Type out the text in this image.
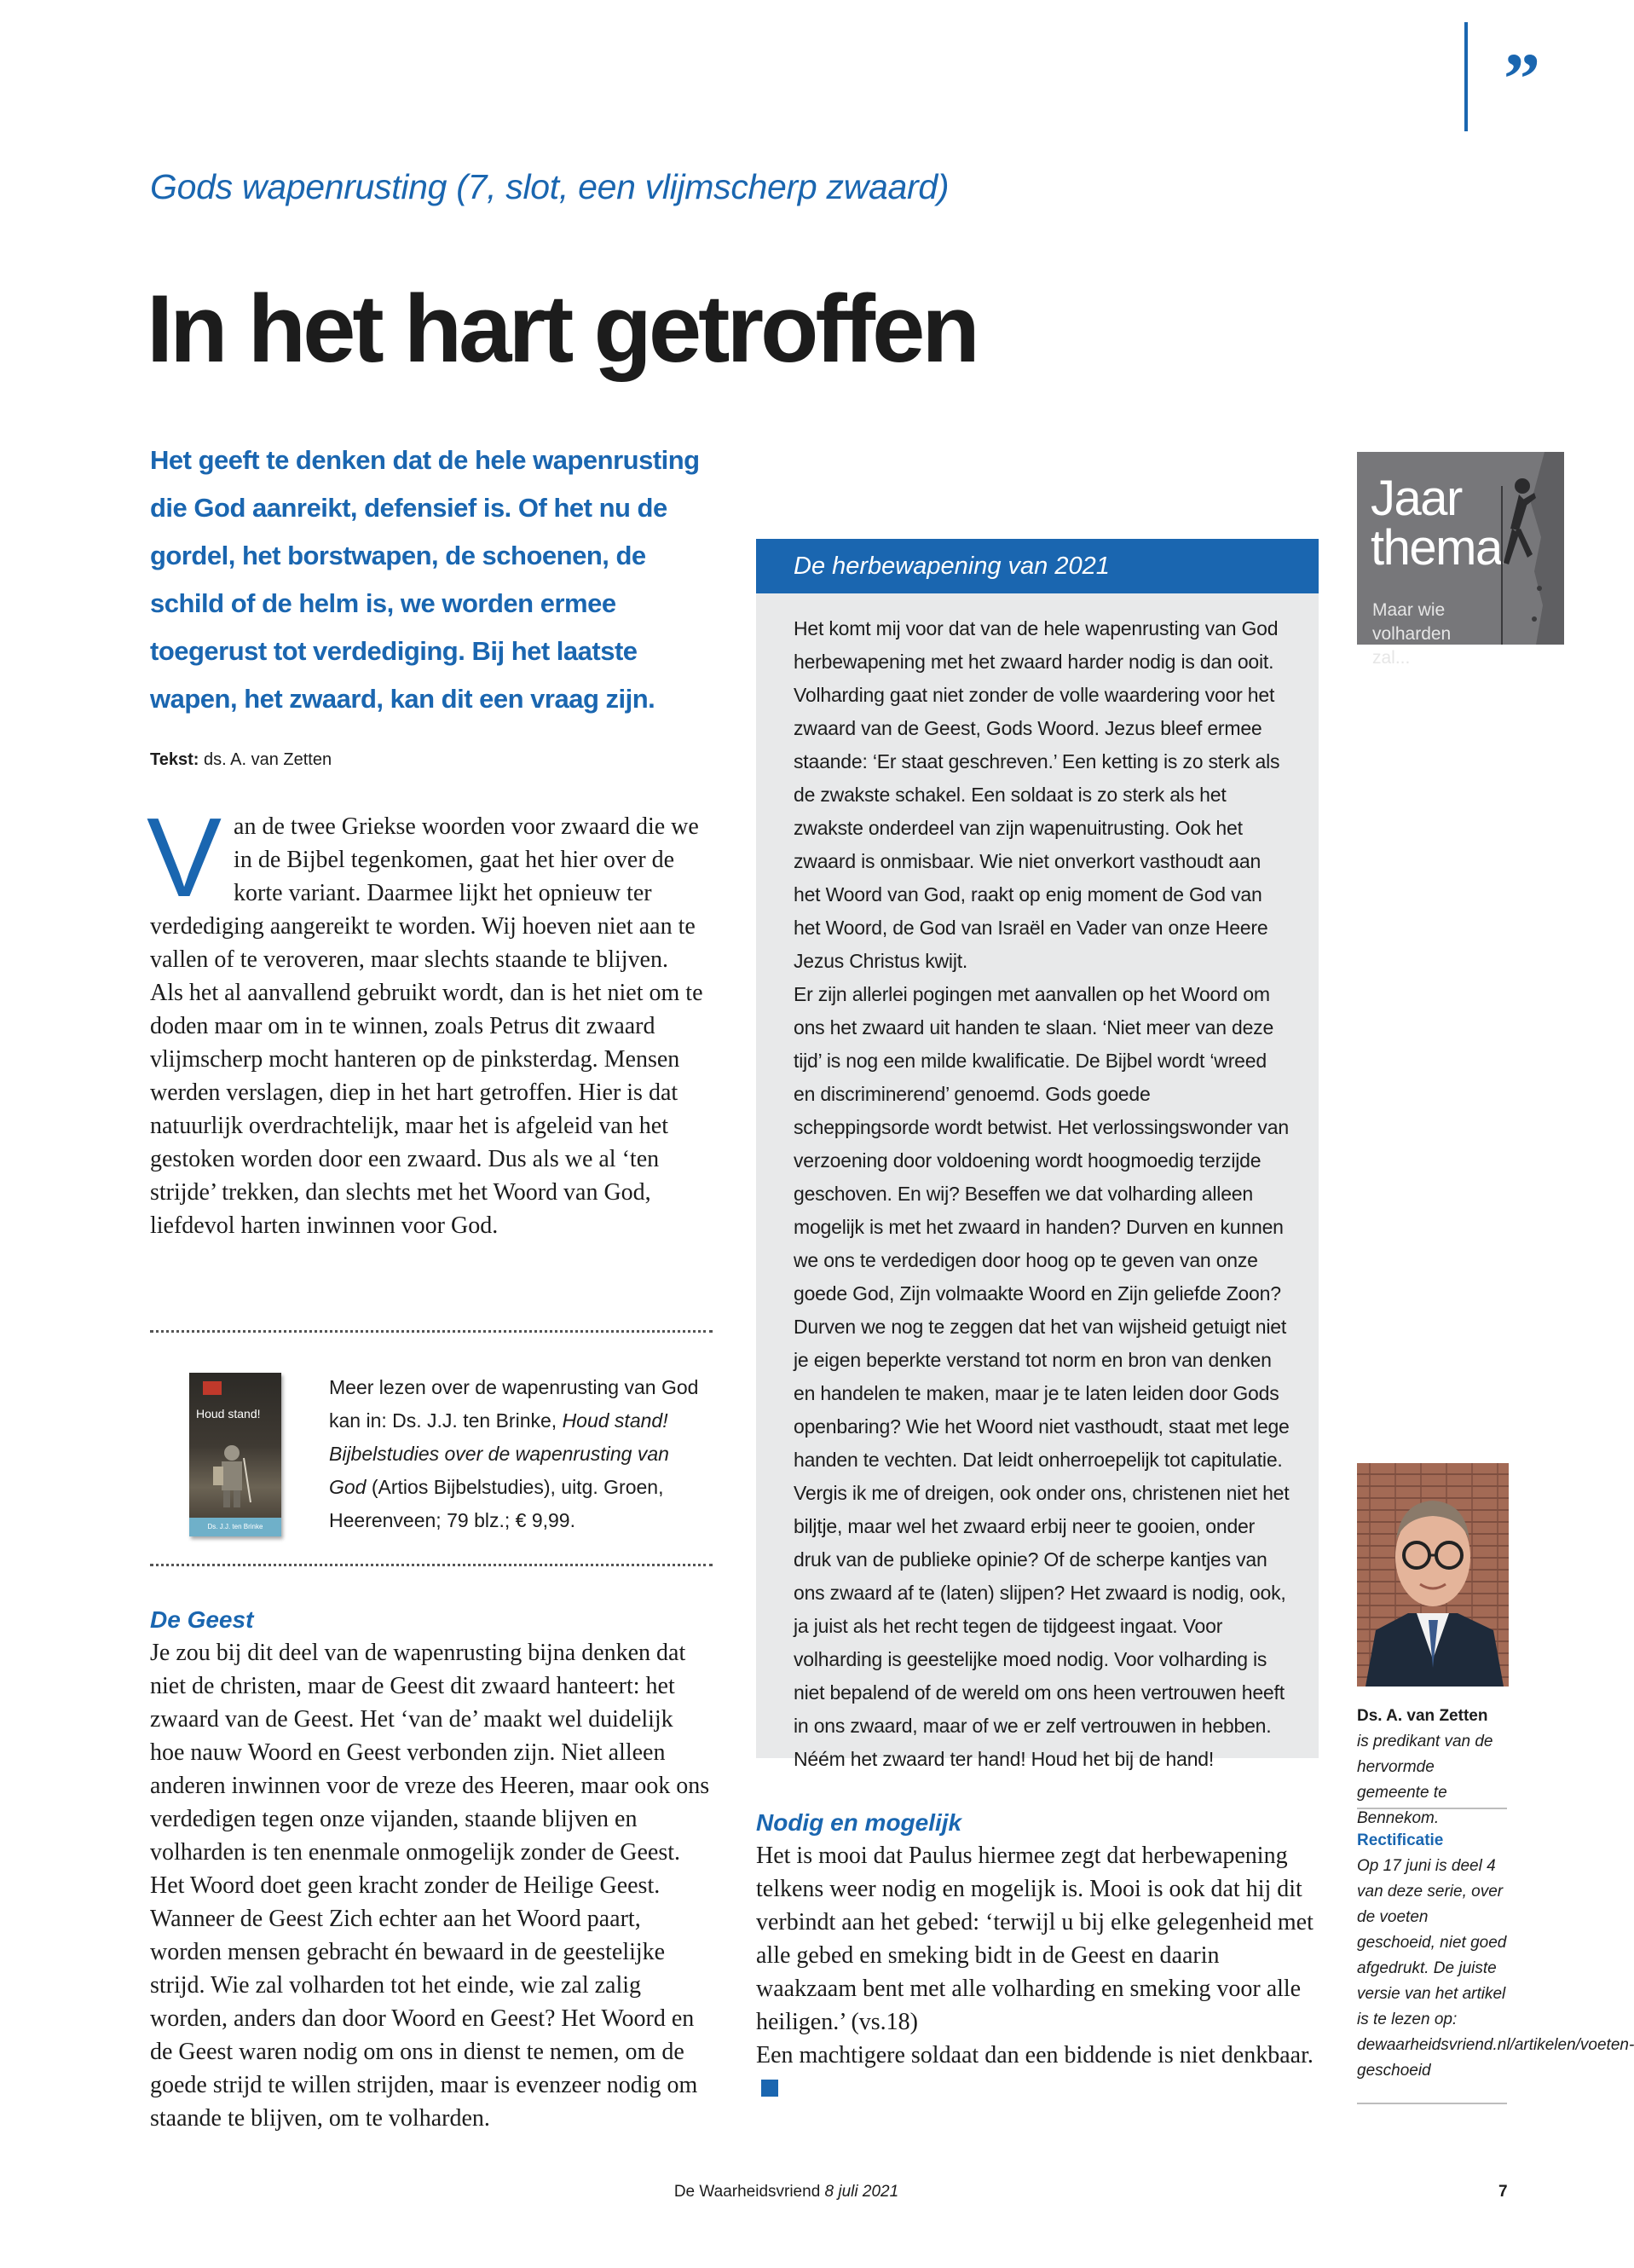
”
Gods wapenrusting (7, slot, een vlijmscherp zwaard)
In het hart getroffen
Het geeft te denken dat de hele wapenrusting die God aanreikt, defensief is. Of het nu de gordel, het borstwapen, de schoenen, de schild of de helm is, we worden ermee toegerust tot verdediging. Bij het laatste wapen, het zwaard, kan dit een vraag zijn.
Tekst: ds. A. van Zetten

Van de twee Griekse woorden voor zwaard die we in de Bijbel tegenkomen, gaat het hier over de korte variant. Daarmee lijkt het opnieuw ter verdediging aangereikt te worden. Wij hoeven niet aan te vallen of te veroveren, maar slechts staande te blijven.

Als het al aanvallend gebruikt wordt, dan is het niet om te doden maar om in te winnen, zoals Petrus dit zwaard vlijmscherp mocht hanteren op de pinksterdag. Mensen werden verslagen, diep in het hart getroffen. Hier is dat natuurlijk overdrachtelijk, maar het is afgeleid van het gestoken worden door een zwaard. Dus als we al ‘ten strijde’ trekken, dan slechts met het Woord van God, liefdevol harten inwinnen voor God.

Houd stand!
Ds. J.J. ten Brinke
Meer lezen over de wapenrusting van God kan in: Ds. J.J. ten Brinke, Houd stand! Bijbelstudies over de wapenrusting van God (Artios Bijbelstudies), uitg. Groen, Heerenveen; 79 blz.; € 9,99.
De Geest
Je zou bij dit deel van de wapenrusting bijna denken dat niet de christen, maar de Geest dit zwaard hanteert: het zwaard van de Geest. Het ‘van de’ maakt wel duidelijk hoe nauw Woord en Geest verbonden zijn. Niet alleen anderen inwinnen voor de vreze des Heeren, maar ook ons verdedigen tegen onze vijanden, staande blijven en volharden is ten enenmale onmogelijk zonder de Geest. Het Woord doet geen kracht zonder de Heilige Geest. Wanneer de Geest Zich echter aan het Woord paart, worden mensen gebracht én bewaard in de geestelijke strijd. Wie zal volharden tot het einde, wie zal zalig worden, anders dan door Woord en Geest? Het Woord en de Geest waren nodig om ons in dienst te nemen, om de goede strijd te willen strijden, maar is evenzeer nodig om staande te blijven, om te volharden.
De herbewapening van 2021
Het komt mij voor dat van de hele wapenrusting van God herbewapening met het zwaard harder nodig is dan ooit. Volharding gaat niet zonder de volle waardering voor het zwaard van de Geest, Gods Woord. Jezus bleef ermee staande: ‘Er staat geschreven.’ Een ketting is zo sterk als de zwakste schakel. Een soldaat is zo sterk als het zwakste onderdeel van zijn wapenuitrusting. Ook het zwaard is onmisbaar. Wie niet onverkort vasthoudt aan het Woord van God, raakt op enig moment de God van het Woord, de God van Israël en Vader van onze Heere Jezus Christus kwijt.
Er zijn allerlei pogingen met aanvallen op het Woord om ons het zwaard uit handen te slaan. ‘Niet meer van deze tijd’ is nog een milde kwalificatie. De Bijbel wordt ‘wreed en discriminerend’ genoemd. Gods goede scheppingsorde wordt betwist. Het verlossingswonder van verzoening door voldoening wordt hoogmoedig terzijde geschoven. En wij? Beseffen we dat volharding alleen mogelijk is met het zwaard in handen? Durven en kunnen we ons te verdedigen door hoog op te geven van onze goede God, Zijn volmaakte Woord en Zijn geliefde Zoon? Durven we nog te zeggen dat het van wijsheid getuigt niet je eigen beperkte verstand tot norm en bron van denken en handelen te maken, maar je te laten leiden door Gods openbaring? Wie het Woord niet vasthoudt, staat met lege handen te vechten. Dat leidt onherroepelijk tot capitulatie.
Vergis ik me of dreigen, ook onder ons, christenen niet het biljtje, maar wel het zwaard erbij neer te gooien, onder druk van de publieke opinie? Of de scherpe kantjes van ons zwaard af te (laten) slijpen? Het zwaard is nodig, ook, ja juist als het recht tegen de tijdgeest ingaat. Voor volharding is geestelijke moed nodig. Voor volharding is niet bepalend of de wereld om ons heen vertrouwen heeft in ons zwaard, maar of we er zelf vertrouwen in hebben. Néém het zwaard ter hand! Houd het bij de hand!
Nodig en mogelijk

Het is mooi dat Paulus hiermee zegt dat herbewapening telkens weer nodig en mogelijk is. Mooi is ook dat hij dit verbindt aan het gebed: ‘terwijl u bij elke gelegenheid met alle gebed en smeking bidt in de Geest en daarin waakzaam bent met alle volharding en smeking voor alle heiligen.’ (vs.18)

Een machtigere soldaat dan een biddende is niet denkbaar.

Jaar
thema
Maar wie volharden zal...
Ds. A. van Zetten
is predikant van de hervormde gemeente te Bennekom.
Rectificatie
Op 17 juni is deel 4 van deze serie, over de voeten geschoeid, niet goed afgedrukt. De juiste versie van het artikel is te lezen op: dewaarheidsvriend.nl/artikelen/voeten-geschoeid
De Waarheidsvriend 8 juli 2021	7
